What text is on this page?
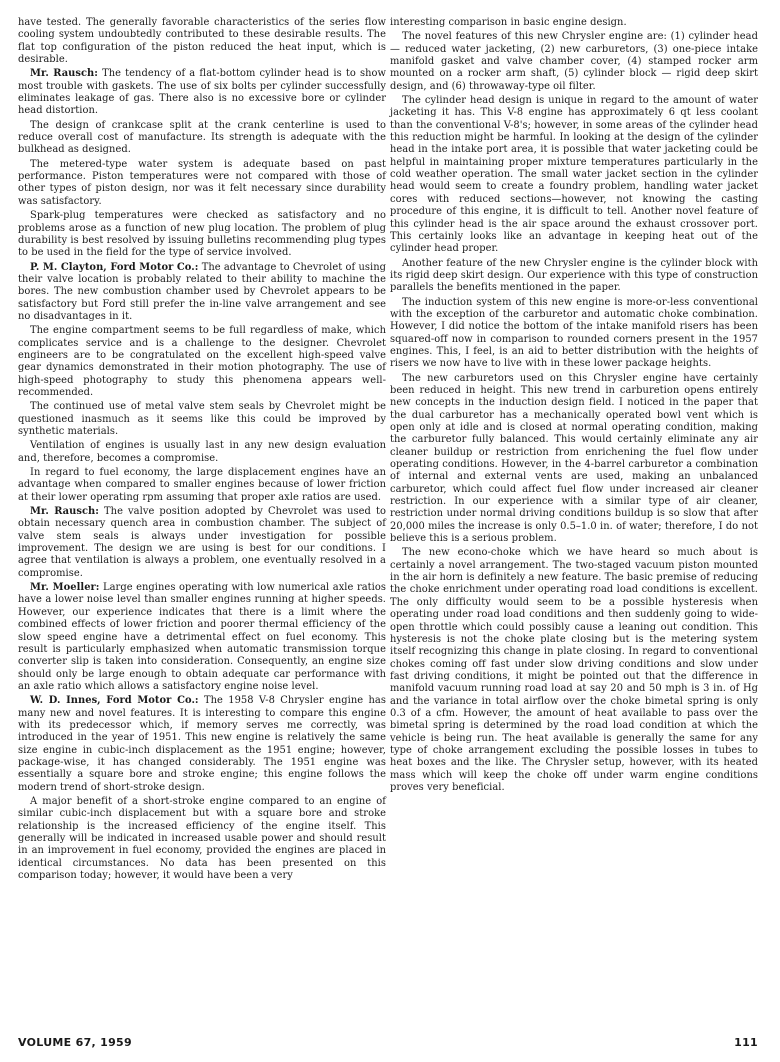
have tested. The generally favorable characteristics of the series flow cooling system undoubtedly contributed to these desirable results. The flat top configuration of the piston reduced the heat input, which is desirable.

Mr. Rausch: The tendency of a flat-bottom cylinder head is to show most trouble with gaskets. The use of six bolts per cylinder successfully eliminates leakage of gas. There also is no excessive bore or cylinder head distortion.

The design of crankcase split at the crank centerline is used to reduce overall cost of manufacture. Its strength is adequate with the bulkhead as designed.

The metered-type water system is adequate based on past performance. Piston temperatures were not compared with those of other types of piston design, nor was it felt necessary since durability was satisfactory.

Spark-plug temperatures were checked as satisfactory and no problems arose as a function of new plug location. The problem of plug durability is best resolved by issuing bulletins recommending plug types to be used in the field for the type of service involved.

P. M. Clayton, Ford Motor Co.: The advantage to Chevrolet of using their valve location is probably related to their ability to machine the bores. The new combustion chamber used by Chevrolet appears to be satisfactory but Ford still prefer the in-line valve arrangement and see no disadvantages in it.

The engine compartment seems to be full regardless of make, which complicates service and is a challenge to the designer. Chevrolet engineers are to be congratulated on the excellent high-speed valve gear dynamics demonstrated in their motion photography. The use of high-speed photography to study this phenomena appears well-recommended.

The continued use of metal valve stem seals by Chevrolet might be questioned inasmuch as it seems like this could be improved by synthetic materials.

Ventilation of engines is usually last in any new design evaluation and, therefore, becomes a compromise.

In regard to fuel economy, the large displacement engines have an advantage when compared to smaller engines because of lower friction at their lower operating rpm assuming that proper axle ratios are used.

Mr. Rausch: The valve position adopted by Chevrolet was used to obtain necessary quench area in combustion chamber. The subject of valve stem seals is always under investigation for possible improvement. The design we are using is best for our conditions. I agree that ventilation is always a problem, one eventually resolved in a compromise.

Mr. Moeller: Large engines operating with low numerical axle ratios have a lower noise level than smaller engines running at higher speeds. However, our experience indicates that there is a limit where the combined effects of lower friction and poorer thermal efficiency of the slow speed engine have a detrimental effect on fuel economy. This result is particularly emphasized when automatic transmission torque converter slip is taken into consideration. Consequently, an engine size should only be large enough to obtain adequate car performance with an axle ratio which allows a satisfactory engine noise level.

W. D. Innes, Ford Motor Co.: The 1958 V-8 Chrysler engine has many new and novel features. It is interesting to compare this engine with its predecessor which, if memory serves me correctly, was introduced in the year of 1951. This new engine is relatively the same size engine in cubic-inch displacement as the 1951 engine; however, package-wise, it has changed considerably. The 1951 engine was essentially a square bore and stroke engine; this engine follows the modern trend of short-stroke design.

A major benefit of a short-stroke engine compared to an engine of similar cubic-inch displacement but with a square bore and stroke relationship is the increased efficiency of the engine itself. This generally will be indicated in increased usable power and should result in an improvement in fuel economy, provided the engines are placed in identical circumstances. No data has been presented on this comparison today; however, it would have been a very

interesting comparison in basic engine design.

The novel features of this new Chrysler engine are: (1) cylinder head — reduced water jacketing, (2) new carburetors, (3) one-piece intake manifold gasket and valve chamber cover, (4) stamped rocker arm mounted on a rocker arm shaft, (5) cylinder block — rigid deep skirt design, and (6) throwaway-type oil filter.

The cylinder head design is unique in regard to the amount of water jacketing it has. This V-8 engine has approximately 6 qt less coolant than the conventional V-8's; however, in some areas of the cylinder head this reduction might be harmful. In looking at the design of the cylinder head in the intake port area, it is possible that water jacketing could be helpful in maintaining proper mixture temperatures particularly in the cold weather operation. The small water jacket section in the cylinder head would seem to create a foundry problem, handling water jacket cores with reduced sections—however, not knowing the casting procedure of this engine, it is difficult to tell. Another novel feature of this cylinder head is the air space around the exhaust crossover port. This certainly looks like an advantage in keeping heat out of the cylinder head proper.

Another feature of the new Chrysler engine is the cylinder block with its rigid deep skirt design. Our experience with this type of construction parallels the benefits mentioned in the paper.

The induction system of this new engine is more-or-less conventional with the exception of the carburetor and automatic choke combination. However, I did notice the bottom of the intake manifold risers has been squared-off now in comparison to rounded corners present in the 1957 engines. This, I feel, is an aid to better distribution with the heights of risers we now have to live with in these lower package heights.

The new carburetors used on this Chrysler engine have certainly been reduced in height. This new trend in carburetion opens entirely new concepts in the induction design field. I noticed in the paper that the dual carburetor has a mechanically operated bowl vent which is open only at idle and is closed at normal operating condition, making the carburetor fully balanced. This would certainly eliminate any air cleaner buildup or restriction from enrichening the fuel flow under operating conditions. However, in the 4-barrel carburetor a combination of internal and external vents are used, making an unbalanced carburetor, which could affect fuel flow under increased air cleaner restriction. In our experience with a similar type of air cleaner, restriction under normal driving conditions buildup is so slow that after 20,000 miles the increase is only 0.5–1.0 in. of water; therefore, I do not believe this is a serious problem.

The new econo-choke which we have heard so much about is certainly a novel arrangement. The two-staged vacuum piston mounted in the air horn is definitely a new feature. The basic premise of reducing the choke enrichment under operating road load conditions is excellent. The only difficulty would seem to be a possible hysteresis when operating under road load conditions and then suddenly going to wide-open throttle which could possibly cause a leaning out condition. This hysteresis is not the choke plate closing but is the metering system itself recognizing this change in plate closing. In regard to conventional chokes coming off fast under slow driving conditions and slow under fast driving conditions, it might be pointed out that the difference in manifold vacuum running road load at say 20 and 50 mph is 3 in. of Hg and the variance in total airflow over the choke bimetal spring is only 0.3 of a cfm. However, the amount of heat available to pass over the bimetal spring is determined by the road load condition at which the vehicle is being run. The heat available is generally the same for any type of choke arrangement excluding the possible losses in tubes to heat boxes and the like. The Chrysler setup, however, with its heated mass which will keep the choke off under warm engine conditions proves very beneficial.

VOLUME 67, 1959	111
